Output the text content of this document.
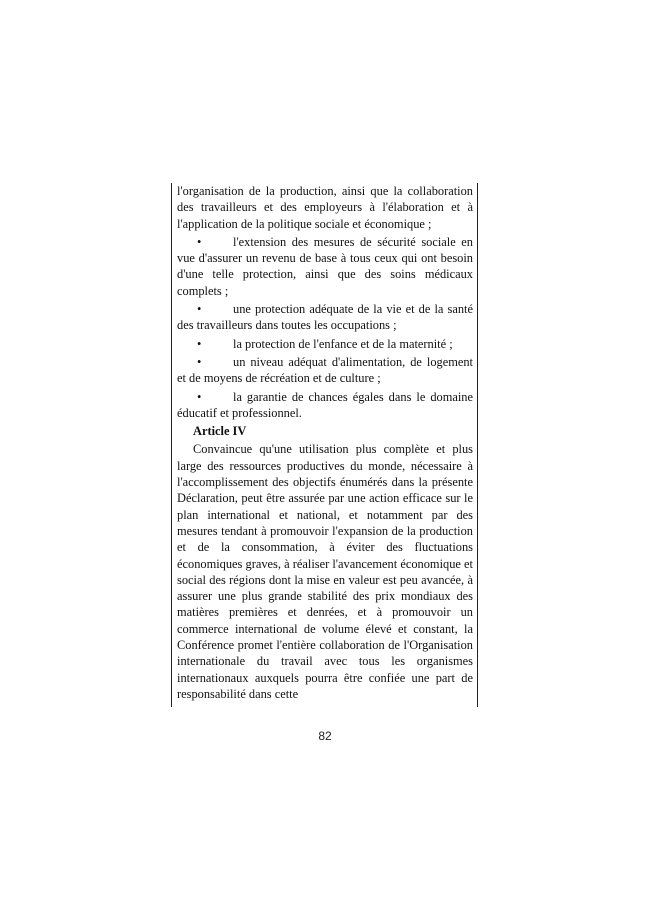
l'organisation de la production, ainsi que la collaboration des travailleurs et des employeurs à l'élaboration et à l'application de la politique sociale et économique ;

•	l'extension des mesures de sécurité sociale en vue d'assurer un revenu de base à tous ceux qui ont besoin d'une telle protection, ainsi que des soins médicaux complets ;

•	une protection adéquate de la vie et de la santé des travailleurs dans toutes les occupations ;

•	la protection de l'enfance et de la maternité ;

•	un niveau adéquat d'alimentation, de logement et de moyens de récréation et de culture ;

•	la garantie de chances égales dans le domaine éducatif et professionnel.

Article IV

Convaincue qu'une utilisation plus complète et plus large des ressources productives du monde, nécessaire à l'accomplissement des objectifs énumérés dans la présente Déclaration, peut être assurée par une action efficace sur le plan international et national, et notamment par des mesures tendant à promouvoir l'expansion de la production et de la consommation, à éviter des fluctuations économiques graves, à réaliser l'avancement économique et social des régions dont la mise en valeur est peu avancée, à assurer une plus grande stabilité des prix mondiaux des matières premières et denrées, et à promouvoir un commerce international de volume élevé et constant, la Conférence promet l'entière collaboration de l'Organisation internationale du travail avec tous les organismes internationaux auxquels pourra être confiée une part de responsabilité dans cette

82
